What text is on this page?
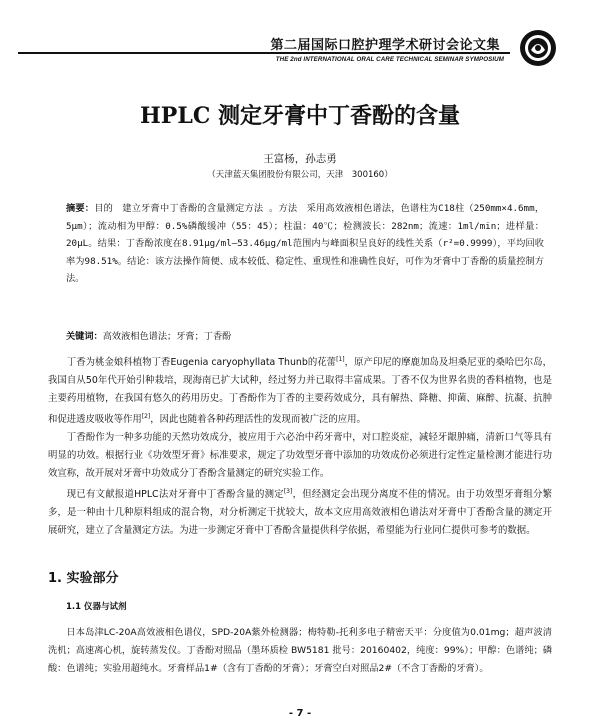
第二届国际口腔护理学术研讨会论文集
THE 2nd INTERNATIONAL ORAL CARE TECHNICAL SEMINAR SYMPOSIUM
HPLC 测定牙膏中丁香酚的含量
王富杨，孙志勇
（天津蓝天集团股份有限公司，天津　300160）
摘要：目的　建立牙膏中丁香酚的含量测定方法 。方法　采用高效液相色谱法，色谱柱为C18柱（250mm×4.6mm，5μm）；流动相为甲醇：0.5%磷酸缓冲（55：45）；柱温：40℃；检测波长：282nm；流速：1ml/min；进样量：20μL。结果：丁香酚浓度在8.91μg/ml—53.46μg/ml范围内与峰面积呈良好的线性关系（r²=0.9999），平均回收率为98.51%。结论：该方法操作简便、成本较低、稳定性、重现性和准确性良好，可作为牙膏中丁香酚的质量控制方法。
关键词：高效液相色谱法；牙膏；丁香酚

丁香为桃金娘科植物丁香Eugenia caryophyllata Thunb的花蕾[1]，原产印尼的摩鹿加岛及坦桑尼亚的桑哈巴尔岛，我国自从50年代开始引种栽培，现海南已扩大试种，经过努力并已取得丰富成果。丁香不仅为世界名贵的香料植物，也是主要药用植物，在我国有悠久的药用历史。丁香酚作为丁香的主要药效成分，具有解热、降糖、抑菌、麻醉、抗凝、抗肿和促进透皮吸收等作用[2]，因此也随着各种药理活性的发现而被广泛的应用。

丁香酚作为一种多功能的天然功效成分，被应用于六必治中药牙膏中，对口腔炎症，减轻牙龈肿痛，清新口气等具有明显的功效。根据行业《功效型牙膏》标准要求，规定了功效型牙膏中添加的功效成份必须进行定性定量检测才能进行功效宣称，故开展对牙膏中功效成分丁香酚含量测定的研究实验工作。

现已有文献报道HPLC法对牙膏中丁香酚含量的测定[3]，但经测定会出现分离度不佳的情况。由于功效型牙膏组分繁多，是一种由十几种原料组成的混合物，对分析测定干扰较大，故本文应用高效液相色谱法对牙膏中丁香酚含量的测定开展研究，建立了含量测定方法。为进一步测定牙膏中丁香酚含量提供科学依据，希望能为行业同仁提供可参考的数据。

1. 实验部分
1.1 仪器与试剂

日本岛津LC-20A高效液相色谱仪，SPD-20A紫外检测器；梅特勒-托利多电子精密天平：分度值为0.01mg；超声波清洗机；高速离心机，旋转蒸发仪。丁香酚对照品（墨环质检 BW5181 批号：20160402，纯度：99%）；甲醇：色谱纯；磷酸：色谱纯；实验用超纯水。牙膏样品1#（含有丁香酚的牙膏）；牙膏空白对照品2#（不含丁香酚的牙膏）。

- 7 -
